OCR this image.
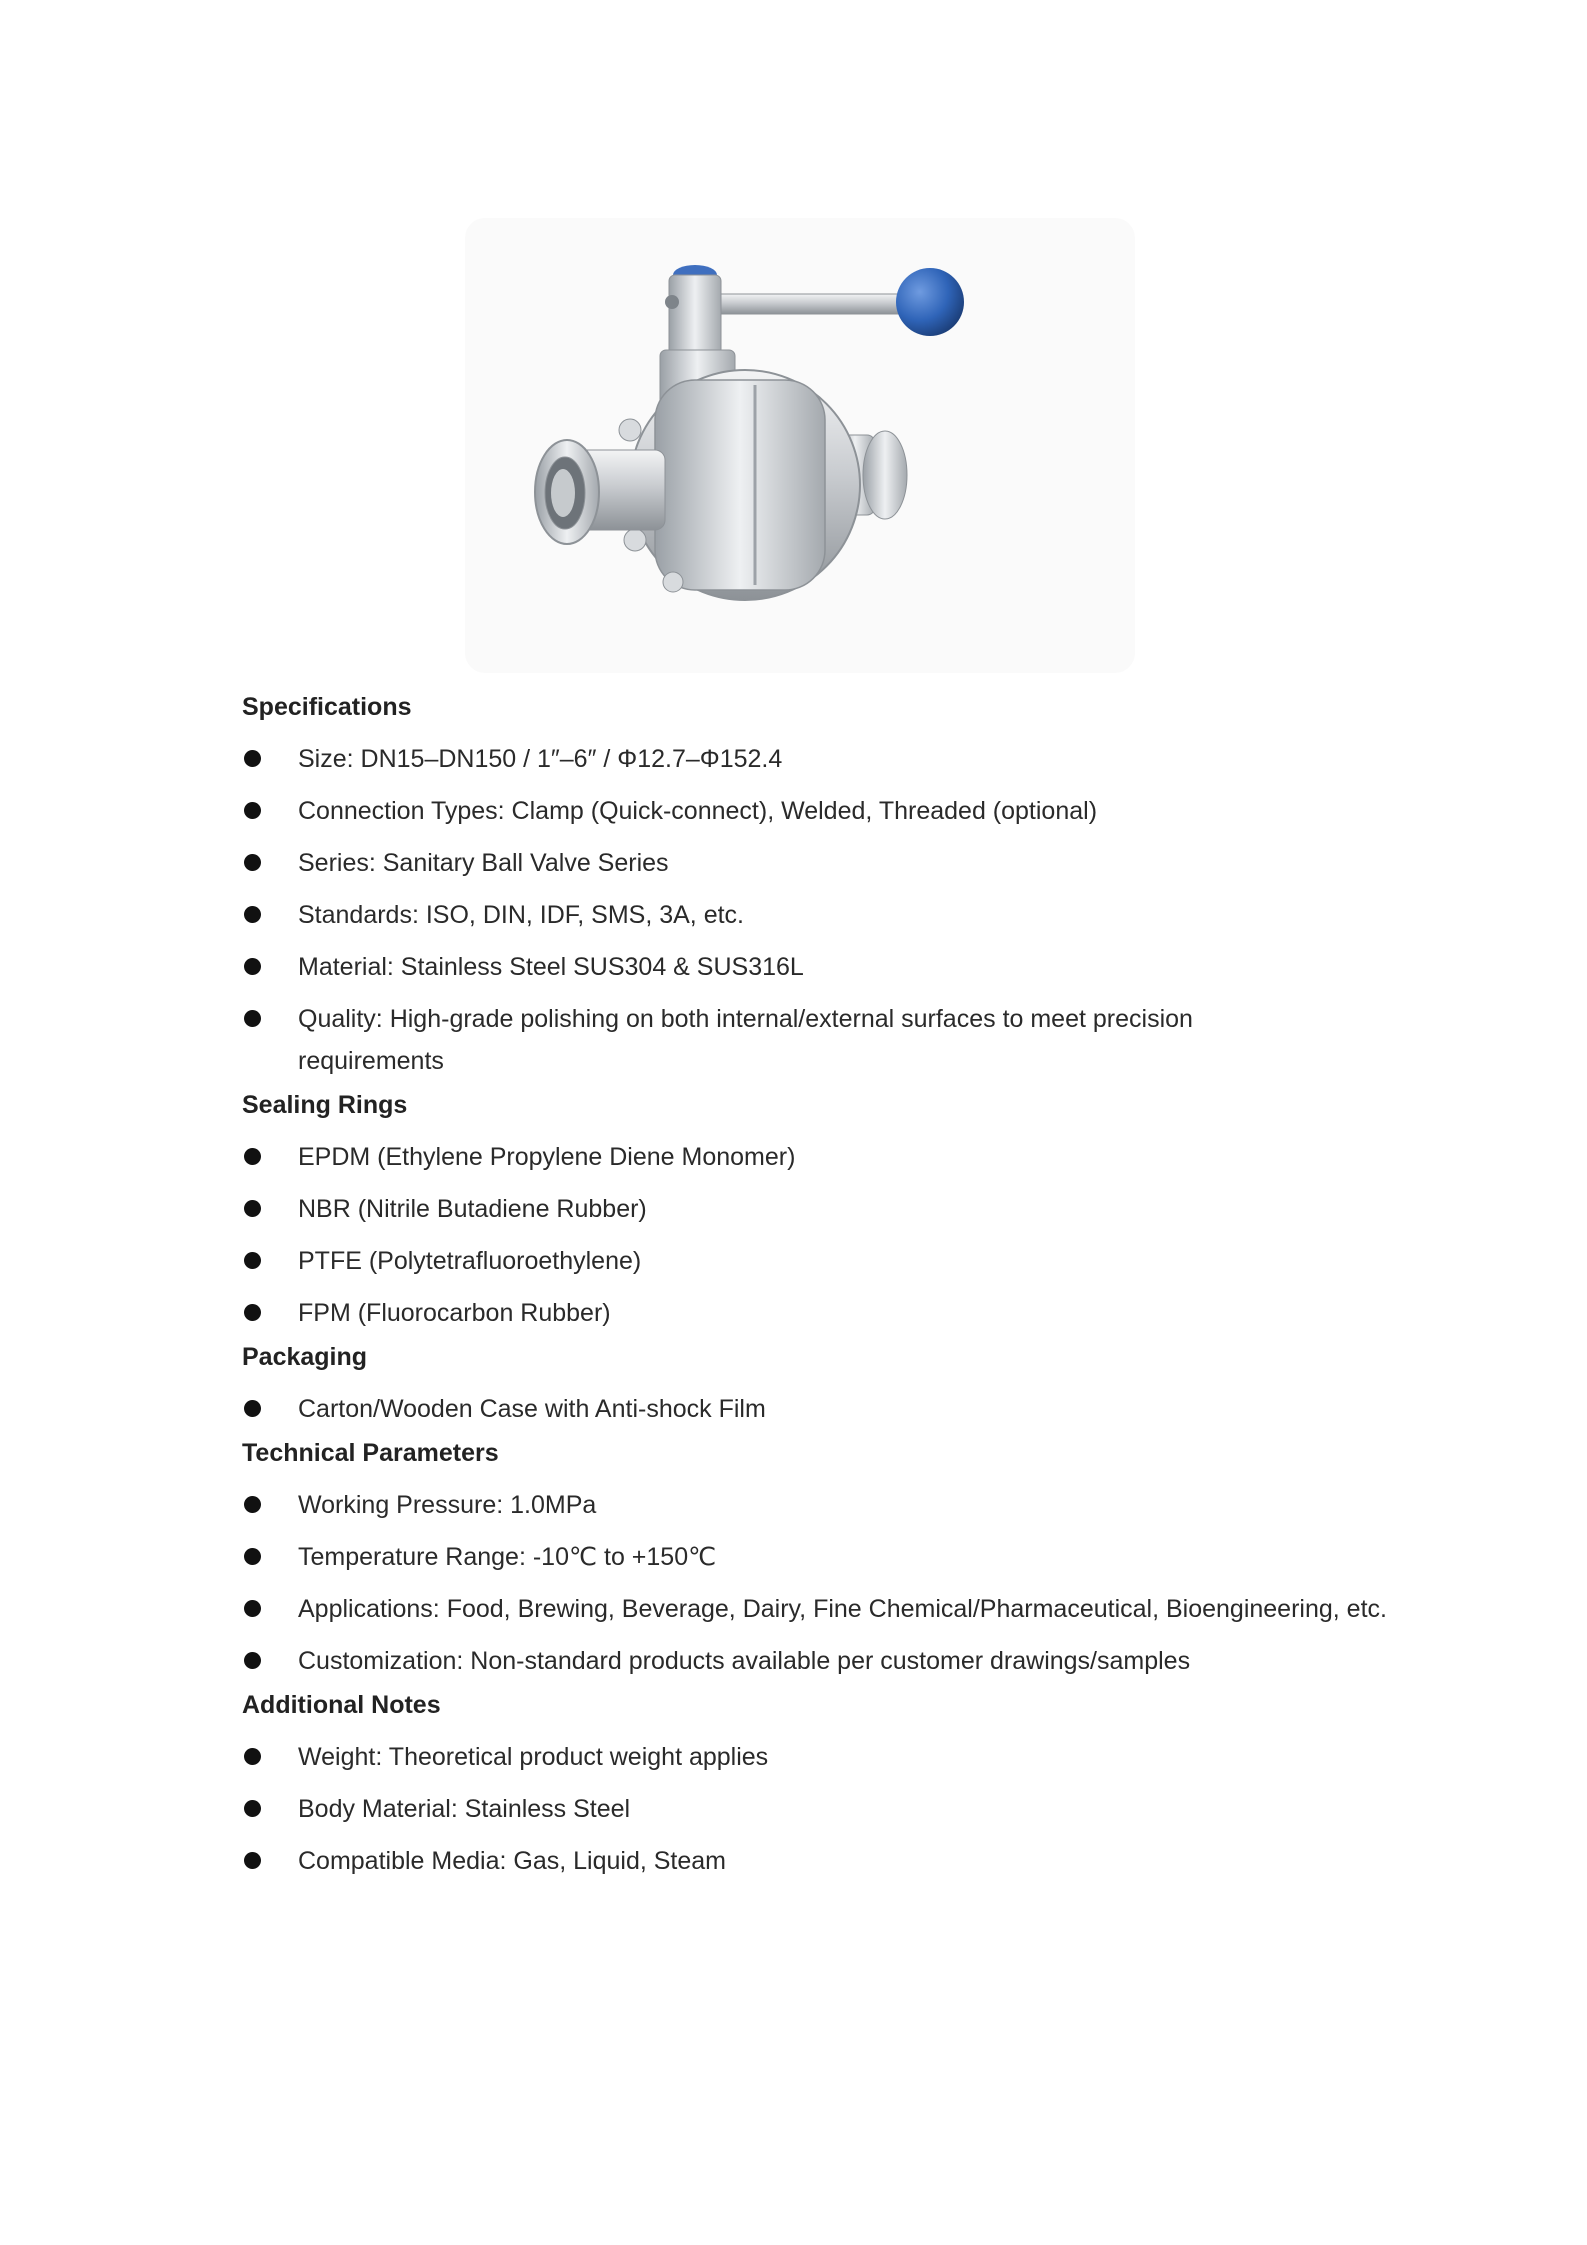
Specifications
Size: DN15–DN150 / 1″–6″ / Φ12.7–Φ152.4
Connection Types: Clamp (Quick-connect), Welded, Threaded (optional)
Series: Sanitary Ball Valve Series
Standards: ISO, DIN, IDF, SMS, 3A, etc.
Material: Stainless Steel SUS304 & SUS316L
Quality: High-grade polishing on both internal/external surfaces to meet precision requirements
Sealing Rings
EPDM (Ethylene Propylene Diene Monomer)
NBR (Nitrile Butadiene Rubber)
PTFE (Polytetrafluoroethylene)
FPM (Fluorocarbon Rubber)
Packaging
Carton/Wooden Case with Anti-shock Film
Technical Parameters
Working Pressure: 1.0MPa
Temperature Range: -10℃ to +150℃
Applications: Food, Brewing, Beverage, Dairy, Fine Chemical/Pharmaceutical, Bioengineering, etc.
Customization: Non-standard products available per customer drawings/samples
Additional Notes
Weight: Theoretical product weight applies
Body Material: Stainless Steel
Compatible Media: Gas, Liquid, Steam
